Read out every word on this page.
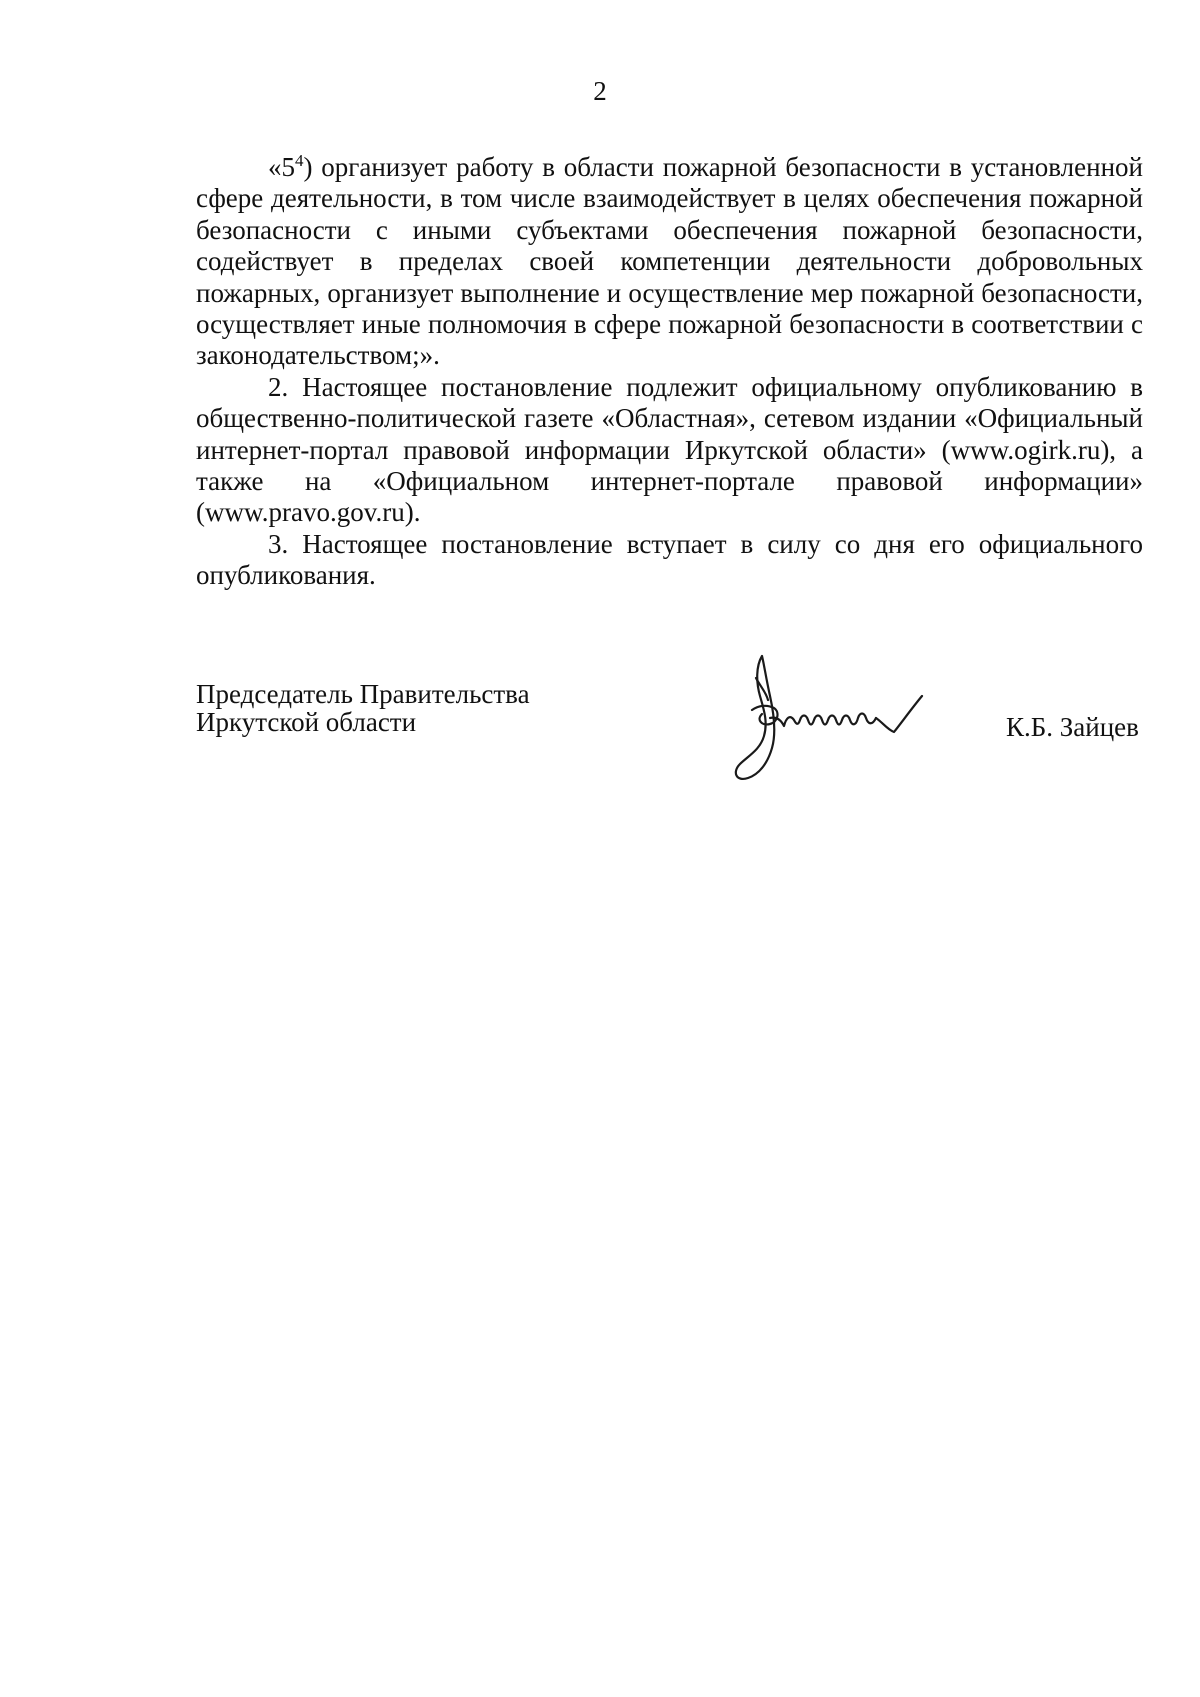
2

«$5^4$) организует работу в области пожарной безопасности в установленной сфере деятельности, в том числе взаимодействует в целях обеспечения пожарной безопасности с иными субъектами обеспечения пожарной безопасности, содействует в пределах своей компетенции деятельности добровольных пожарных, организует выполнение и осуществление мер пожарной безопасности, осуществляет иные полномочия в сфере пожарной безопасности в соответствии с законодательством;».

2. Настоящее постановление подлежит официальному опубликованию в общественно-политической газете «Областная», сетевом издании «Официальный интернет-портал правовой информации Иркутской области» (www.ogirk.ru), а также на «Официальном интернет-портале правовой информации» (www.pravo.gov.ru).

3. Настоящее постановление вступает в силу со дня его официального опубликования.

Председатель Правительства
Иркутской области	К.Б. Зайцев
